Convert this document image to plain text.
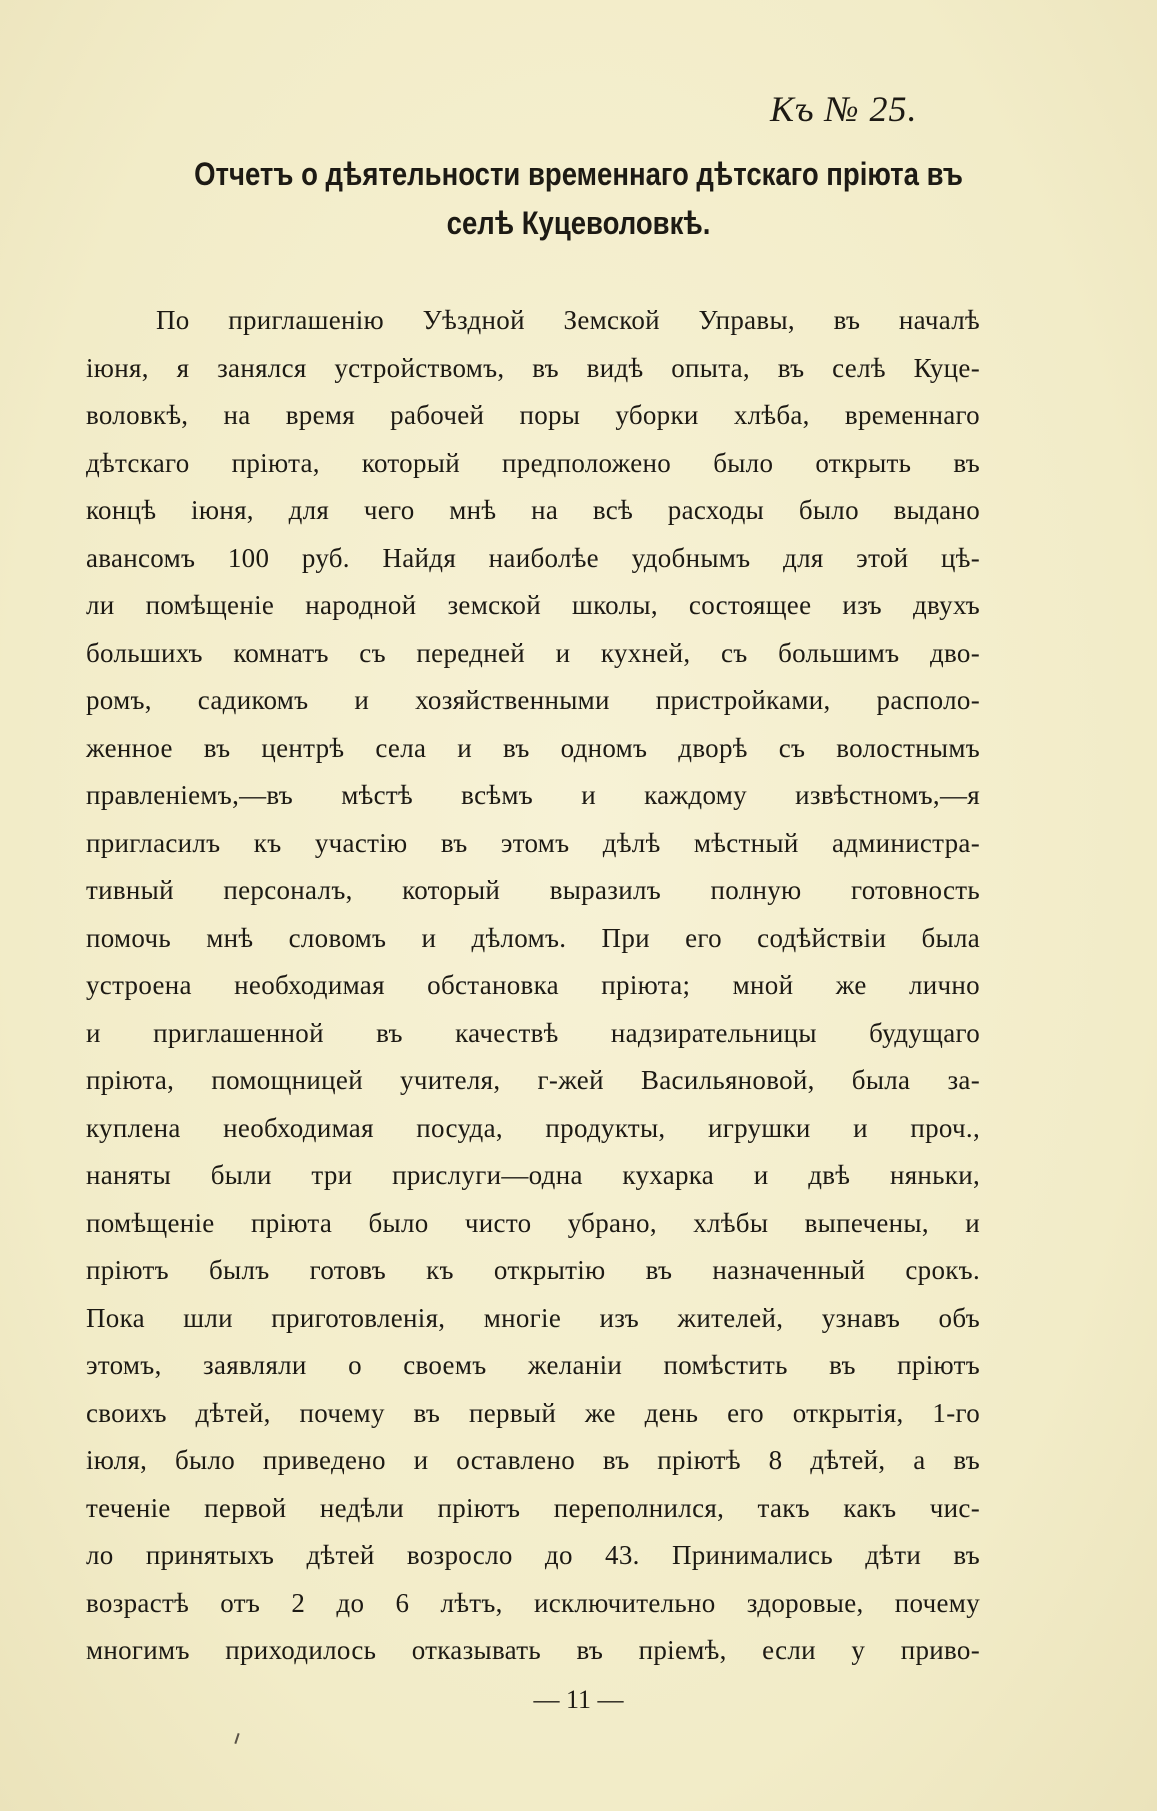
Къ № 25.
Отчетъ о дѣятельности временнаго дѣтскаго пріюта въ
селѣ Куцеволовкѣ.
По приглашенію Уѣздной Земской Управы, въ началѣ
іюня, я занялся устройствомъ, въ видѣ опыта, въ селѣ Куце-
воловкѣ, на время рабочей поры уборки хлѣба, временнаго
дѣтскаго пріюта, который предположено было открыть въ
концѣ іюня, для чего мнѣ на всѣ расходы было выдано
авансомъ 100 руб. Найдя наиболѣе удобнымъ для этой цѣ-
ли помѣщеніе народной земской школы, состоящее изъ двухъ
большихъ комнатъ съ передней и кухней, съ большимъ дво-
ромъ, садикомъ и хозяйственными пристройками, располо-
женное въ центрѣ села и въ одномъ дворѣ съ волостнымъ
правленіемъ,—въ мѣстѣ всѣмъ и каждому извѣстномъ,—я
пригласилъ къ участію въ этомъ дѣлѣ мѣстный администра-
тивный персоналъ, который выразилъ полную готовность
помочь мнѣ словомъ и дѣломъ. При его содѣйствіи была
устроена необходимая обстановка пріюта; мной же лично
и приглашенной въ качествѣ надзирательницы будущаго
пріюта, помощницей учителя, г-жей Васильяновой, была за-
куплена необходимая посуда, продукты, игрушки и проч.,
наняты были три прислуги—одна кухарка и двѣ няньки,
помѣщеніе пріюта было чисто убрано, хлѣбы выпечены, и
пріютъ былъ готовъ къ открытію въ назначенный срокъ.
Пока шли приготовленія, многіе изъ жителей, узнавъ объ
этомъ, заявляли о своемъ желаніи помѣстить въ пріютъ
своихъ дѣтей, почему въ первый же день его открытія, 1-го
іюля, было приведено и оставлено въ пріютѣ 8 дѣтей, а въ
теченіе первой недѣли пріютъ переполнился, такъ какъ чис-
ло принятыхъ дѣтей возросло до 43. Принимались дѣти въ
возрастѣ отъ 2 до 6 лѣтъ, исключительно здоровые, почему
многимъ приходилось отказывать въ пріемѣ, если у приво-
— 11 —
